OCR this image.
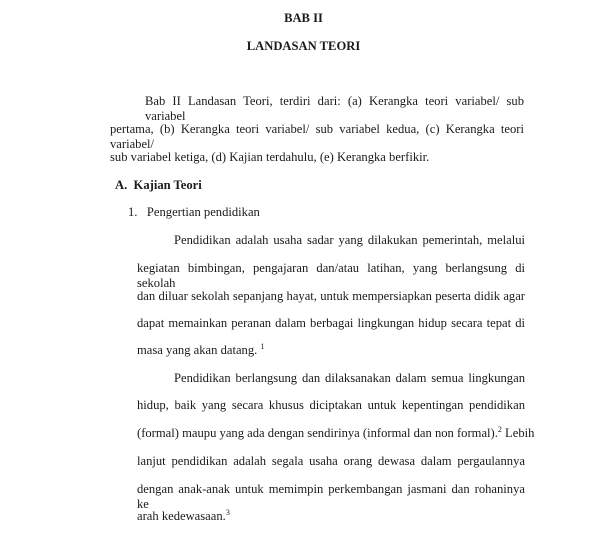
BAB II
LANDASAN TEORI
Bab II Landasan Teori, terdiri dari: (a) Kerangka teori variabel/ sub variabel
pertama, (b) Kerangka teori variabel/ sub variabel kedua, (c) Kerangka teori variabel/
sub variabel ketiga, (d) Kajian terdahulu, (e) Kerangka berfikir.
A.  Kajian Teori
1.   Pengertian pendidikan
Pendidikan adalah usaha sadar yang dilakukan pemerintah, melalui
kegiatan bimbingan, pengajaran dan/atau latihan, yang berlangsung di sekolah
dan diluar sekolah sepanjang hayat, untuk mempersiapkan peserta didik agar
dapat memainkan peranan dalam berbagai lingkungan hidup secara tepat di
masa yang akan datang. $^1$
Pendidikan berlangsung dan dilaksanakan dalam semua lingkungan
hidup, baik yang secara khusus diciptakan untuk kepentingan pendidikan
(formal) maupu yang ada dengan sendirinya (informal dan non formal).$^2$ Lebih
lanjut pendidikan adalah segala usaha orang dewasa dalam pergaulannya
dengan anak-anak untuk memimpin perkembangan jasmani dan rohaninya ke
arah kedewasaan.$^3$
